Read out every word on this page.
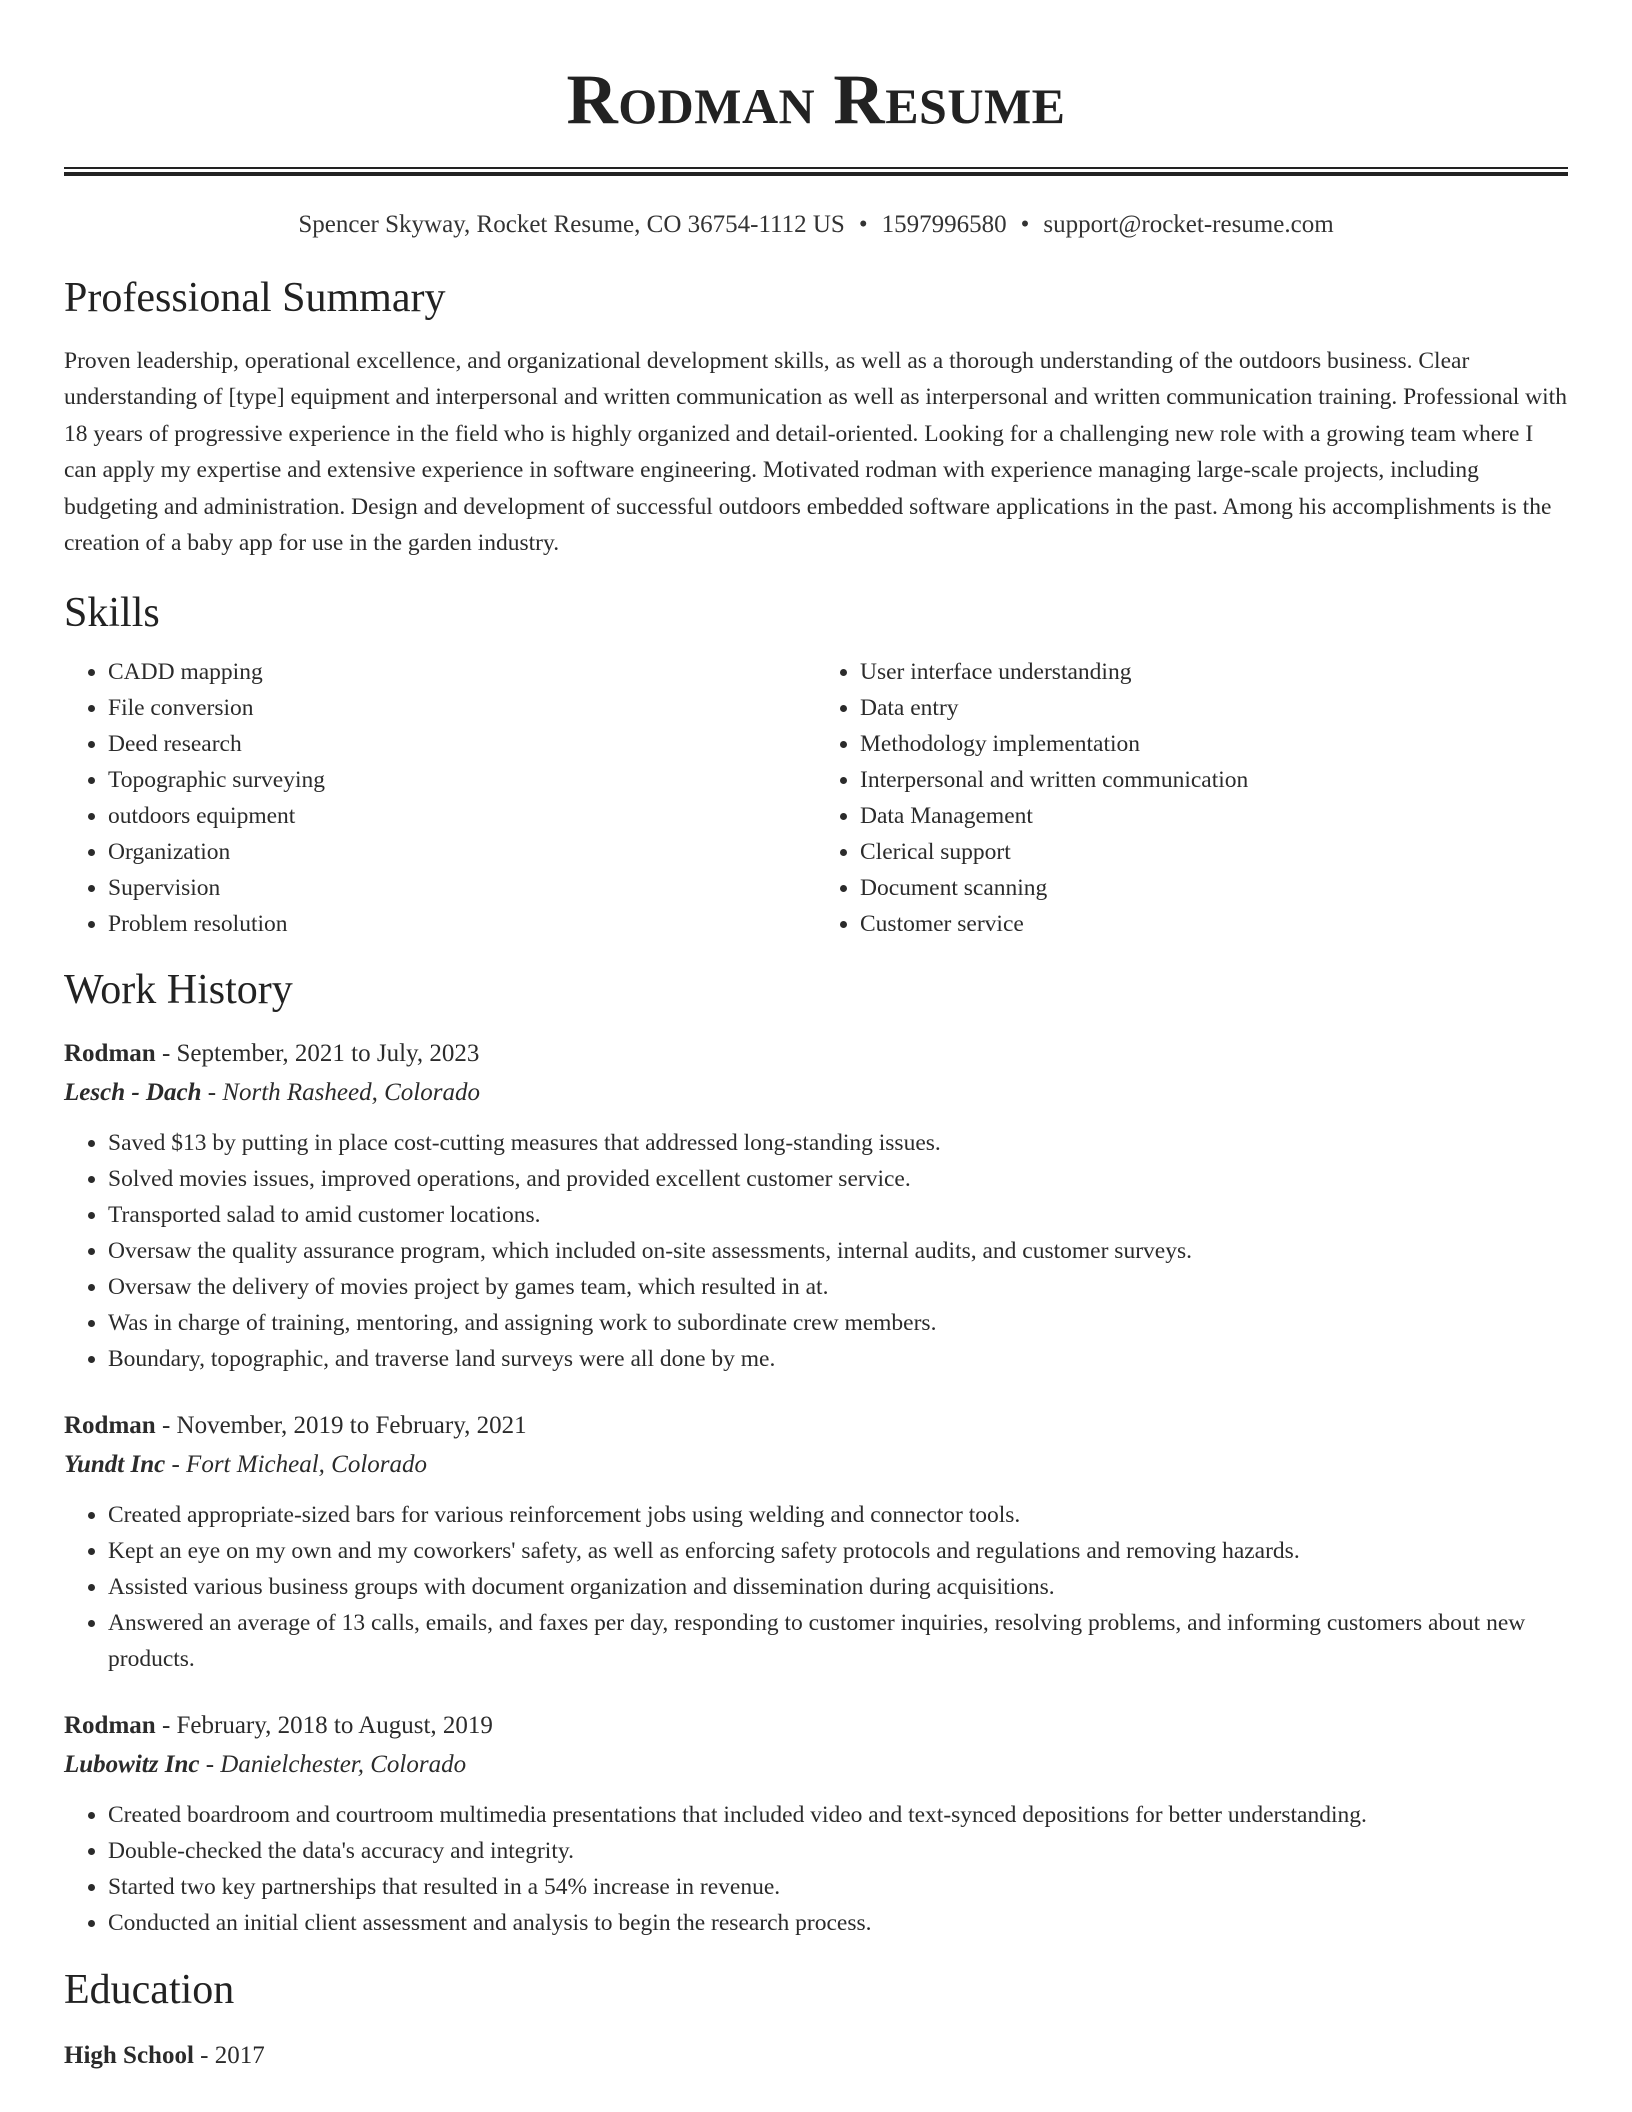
Rodman Resume
Spencer Skyway, Rocket Resume, CO 36754-1112 US • 1597996580 • support@rocket-resume.com
Professional Summary

Proven leadership, operational excellence, and organizational development skills, as well as a thorough understanding of the outdoors business. Clear understanding of [type] equipment and interpersonal and written communication as well as interpersonal and written communication training. Professional with 18 years of progressive experience in the field who is highly organized and detail-oriented. Looking for a challenging new role with a growing team where I can apply my expertise and extensive experience in software engineering. Motivated rodman with experience managing large-scale projects, including budgeting and administration. Design and development of successful outdoors embedded software applications in the past. Among his accomplishments is the creation of a baby app for use in the garden industry.

Skills
• CADD mapping
• File conversion
• Deed research
• Topographic surveying
• outdoors equipment
• Organization
• Supervision
• Problem resolution
• User interface understanding
• Data entry
• Methodology implementation
• Interpersonal and written communication
• Data Management
• Clerical support
• Document scanning
• Customer service
Work History
Rodman - September, 2021 to July, 2023
Lesch - Dach - North Rasheed, Colorado
• Saved $13 by putting in place cost-cutting measures that addressed long-standing issues.
• Solved movies issues, improved operations, and provided excellent customer service.
• Transported salad to amid customer locations.
• Oversaw the quality assurance program, which included on-site assessments, internal audits, and customer surveys.
• Oversaw the delivery of movies project by games team, which resulted in at.
• Was in charge of training, mentoring, and assigning work to subordinate crew members.
• Boundary, topographic, and traverse land surveys were all done by me.
Rodman - November, 2019 to February, 2021
Yundt Inc - Fort Micheal, Colorado
• Created appropriate-sized bars for various reinforcement jobs using welding and connector tools.
• Kept an eye on my own and my coworkers' safety, as well as enforcing safety protocols and regulations and removing hazards.
• Assisted various business groups with document organization and dissemination during acquisitions.
• Answered an average of 13 calls, emails, and faxes per day, responding to customer inquiries, resolving problems, and informing customers about new products.
Rodman - February, 2018 to August, 2019
Lubowitz Inc - Danielchester, Colorado
• Created boardroom and courtroom multimedia presentations that included video and text-synced depositions for better understanding.
• Double-checked the data's accuracy and integrity.
• Started two key partnerships that resulted in a 54% increase in revenue.
• Conducted an initial client assessment and analysis to begin the research process.
Education
High School - 2017
